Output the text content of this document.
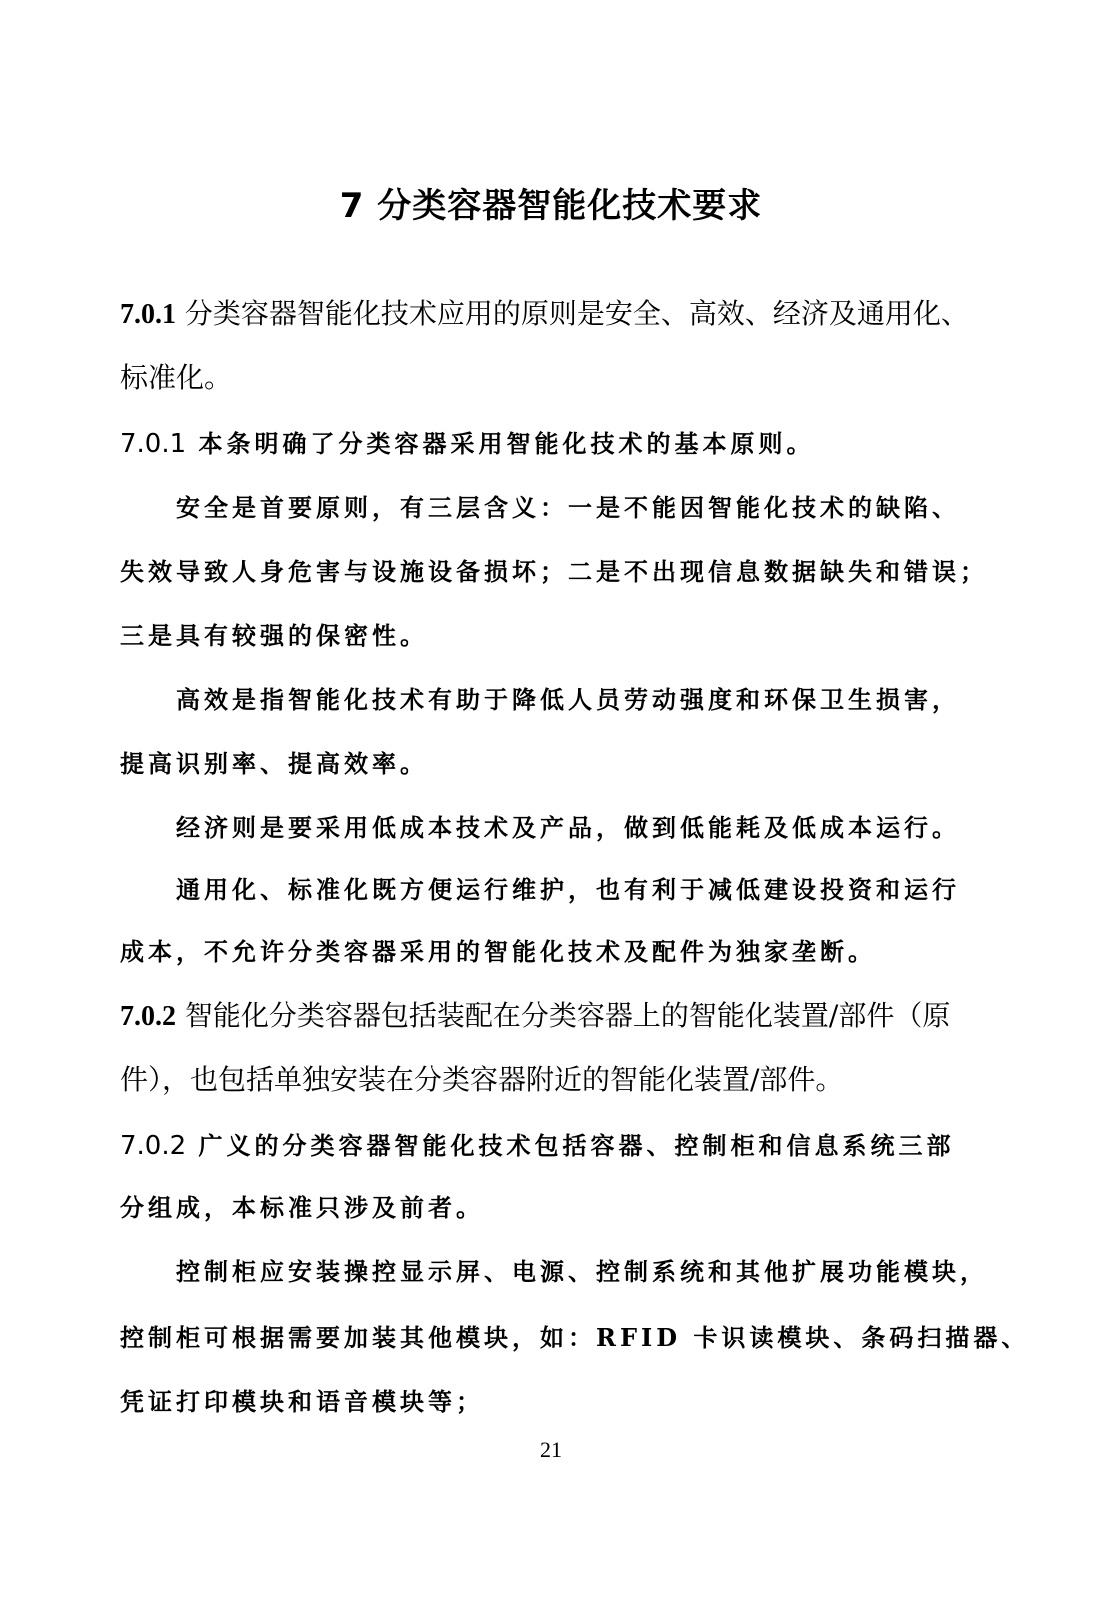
7 分类容器智能化技术要求
7.0.1 分类容器智能化技术应用的原则是安全、高效、经济及通用化、
标准化。
7.0.1 本条明确了分类容器采用智能化技术的基本原则。
安全是首要原则，有三层含义：一是不能因智能化技术的缺陷、
失效导致人身危害与设施设备损坏；二是不出现信息数据缺失和错误；
三是具有较强的保密性。
高效是指智能化技术有助于降低人员劳动强度和环保卫生损害，
提高识别率、提高效率。
经济则是要采用低成本技术及产品，做到低能耗及低成本运行。
通用化、标准化既方便运行维护，也有利于减低建设投资和运行
成本，不允许分类容器采用的智能化技术及配件为独家垄断。
7.0.2 智能化分类容器包括装配在分类容器上的智能化装置/部件（原
件），也包括单独安装在分类容器附近的智能化装置/部件。
7.0.2 广义的分类容器智能化技术包括容器、控制柜和信息系统三部
分组成，本标准只涉及前者。
控制柜应安装操控显示屏、电源、控制系统和其他扩展功能模块，
控制柜可根据需要加装其他模块，如：RFID 卡识读模块、条码扫描器、
凭证打印模块和语音模块等；
21
